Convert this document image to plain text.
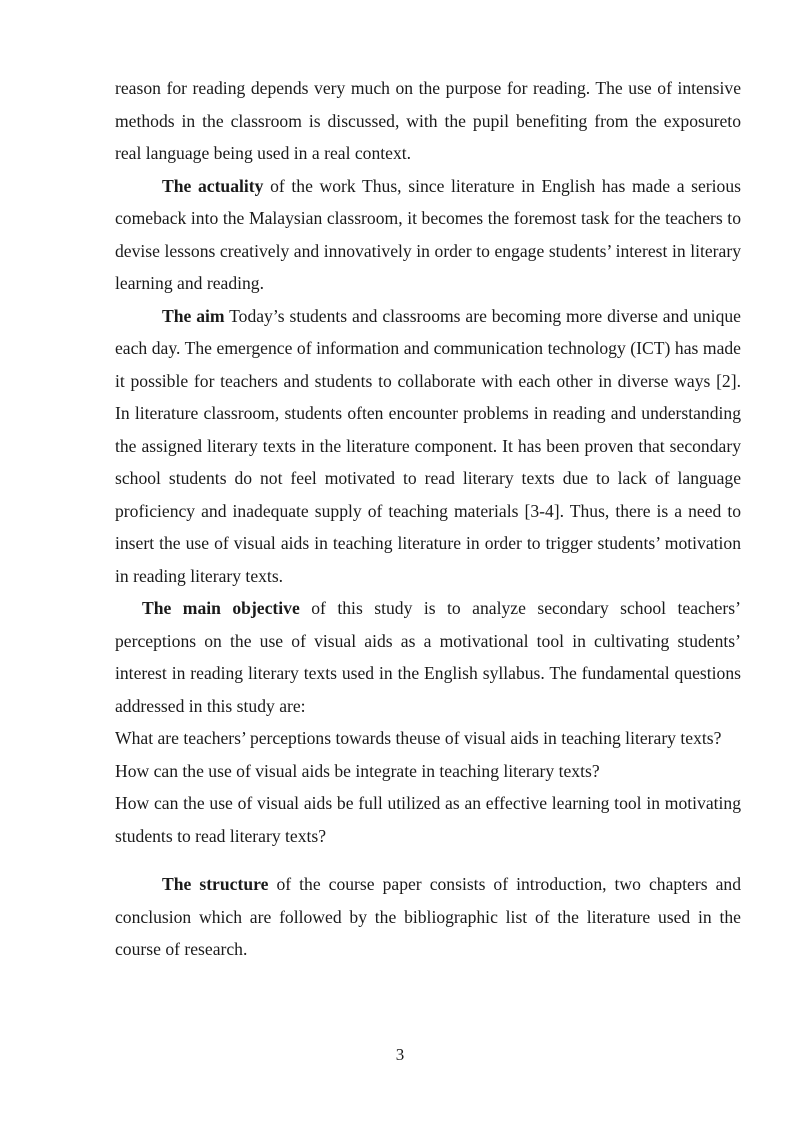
reason for reading depends very much on the purpose for reading. The use of intensive methods in the classroom is discussed, with the pupil benefiting from the exposureto real language being used in a real context.

The actuality of the work Thus, since literature in English has made a serious comeback into the Malaysian classroom, it becomes the foremost task for the teachers to devise lessons creatively and innovatively in order to engage students’ interest in literary learning and reading.

The aim Today’s students and classrooms are becoming more diverse and unique each day. The emergence of information and communication technology (ICT) has made it possible for teachers and students to collaborate with each other in diverse ways [2]. In literature classroom, students often encounter problems in reading and understanding the assigned literary texts in the literature component. It has been proven that secondary school students do not feel motivated to read literary texts due to lack of language proficiency and inadequate supply of teaching materials [3-4]. Thus, there is a need to insert the use of visual aids in teaching literature in order to trigger students’ motivation in reading literary texts.

The main objective of this study is to analyze secondary school teachers’ perceptions on the use of visual aids as a motivational tool in cultivating students’ interest in reading literary texts used in the English syllabus. The fundamental questions addressed in this study are:

What are teachers’ perceptions towards theuse of visual aids in teaching literary texts?

How can the use of visual aids be integrate in teaching literary texts?

How can the use of visual aids be full utilized as an effective learning tool in motivating students to read literary texts?

The structure of the course paper consists of introduction, two chapters and conclusion which are followed by the bibliographic list of the literature used in the course of research.

3
